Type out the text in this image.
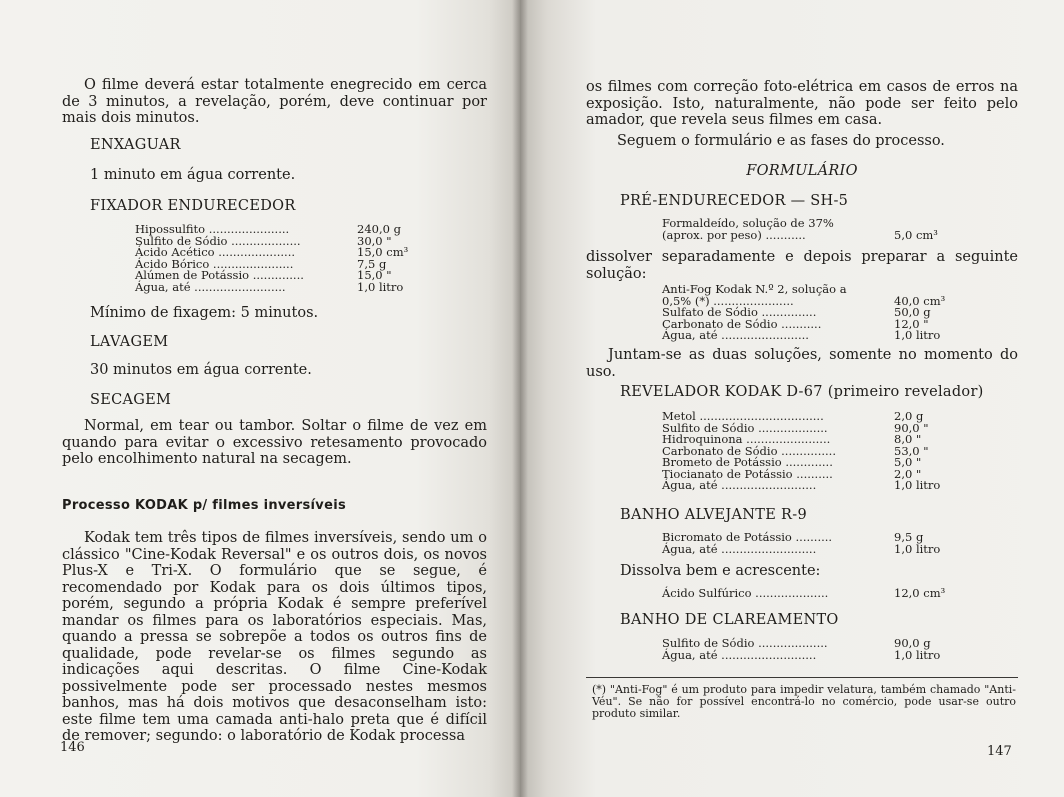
O filme deverá estar totalmente enegrecido em cerca de 3 minutos, a revelação, porém, deve continuar por mais dois minutos.

ENXAGUAR

1 minuto em água corrente.

FIXADOR ENDURECEDOR

Hipossulfito ......................	240,0 g
Sulfito de Sódio ...................	30,0 "
Ácido Acético .....................	15,0 cm³
Ácido Bórico ......................	7,5 g
Alúmen de Potássio ..............	15,0 "
Água, até .........................	1,0 litro

Mínimo de fixagem: 5 minutos.

LAVAGEM

30 minutos em água corrente.

SECAGEM

Normal, em tear ou tambor. Soltar o filme de vez em quando para evitar o excessivo retesamento provocado pelo encolhimento natural na secagem.

Processo KODAK p/ filmes inversíveis

Kodak tem três tipos de filmes inversíveis, sendo um o clássico "Cine-Kodak Reversal" e os outros dois, os novos Plus-X e Tri-X. O formulário que se segue, é recomendado por Kodak para os dois últimos tipos, porém, segundo a própria Kodak é sempre preferível mandar os filmes para os laboratórios especiais. Mas, quando a pressa se sobrepõe a todos os outros fins de qualidade, pode revelar-se os filmes segundo as indicações aqui descritas. O filme Cine-Kodak possivelmente pode ser processado nestes mesmos banhos, mas há dois motivos que desaconselham isto: este filme tem uma camada anti-halo preta que é difícil de remover; segundo: o laboratório de Kodak processa

146

os filmes com correção foto-elétrica em casos de erros na exposição. Isto, naturalmente, não pode ser feito pelo amador, que revela seus filmes em casa.

Seguem o formulário e as fases do processo.

FORMULÁRIO

PRÉ-ENDURECEDOR — SH-5

Formaldeído, solução de 37%
(aprox. por peso) ...........	5,0 cm³

dissolver separadamente e depois preparar a seguinte solução:

Anti-Fog Kodak N.º 2, solução a
0,5% (*) ......................	40,0 cm³
Sulfato de Sódio ...............	50,0 g
Carbonato de Sódio ...........	12,0 "
Água, até ........................	1,0 litro

Juntam-se as duas soluções, somente no momento do uso.

REVELADOR KODAK D-67 (primeiro revelador)

Metol ..................................	2,0 g
Sulfito de Sódio ...................	90,0 "
Hidroquinona .......................	8,0 "
Carbonato de Sódio ...............	53,0 "
Brometo de Potássio .............	5,0 "
Tiocianato de Potássio ..........	2,0 "
Água, até ..........................	1,0 litro

BANHO ALVEJANTE R-9

Bicromato de Potássio ..........	9,5 g
Água, até ..........................	1,0 litro

Dissolva bem e acrescente:

Ácido Sulfúrico ....................	12,0 cm³

BANHO DE CLAREAMENTO

Sulfito de Sódio ...................	90,0 g
Água, até ..........................	1,0 litro

(*) "Anti-Fog" é um produto para impedir velatura, também chamado "Anti-Véu". Se não for possível encontrá-lo no comércio, pode usar-se outro produto similar.

147
